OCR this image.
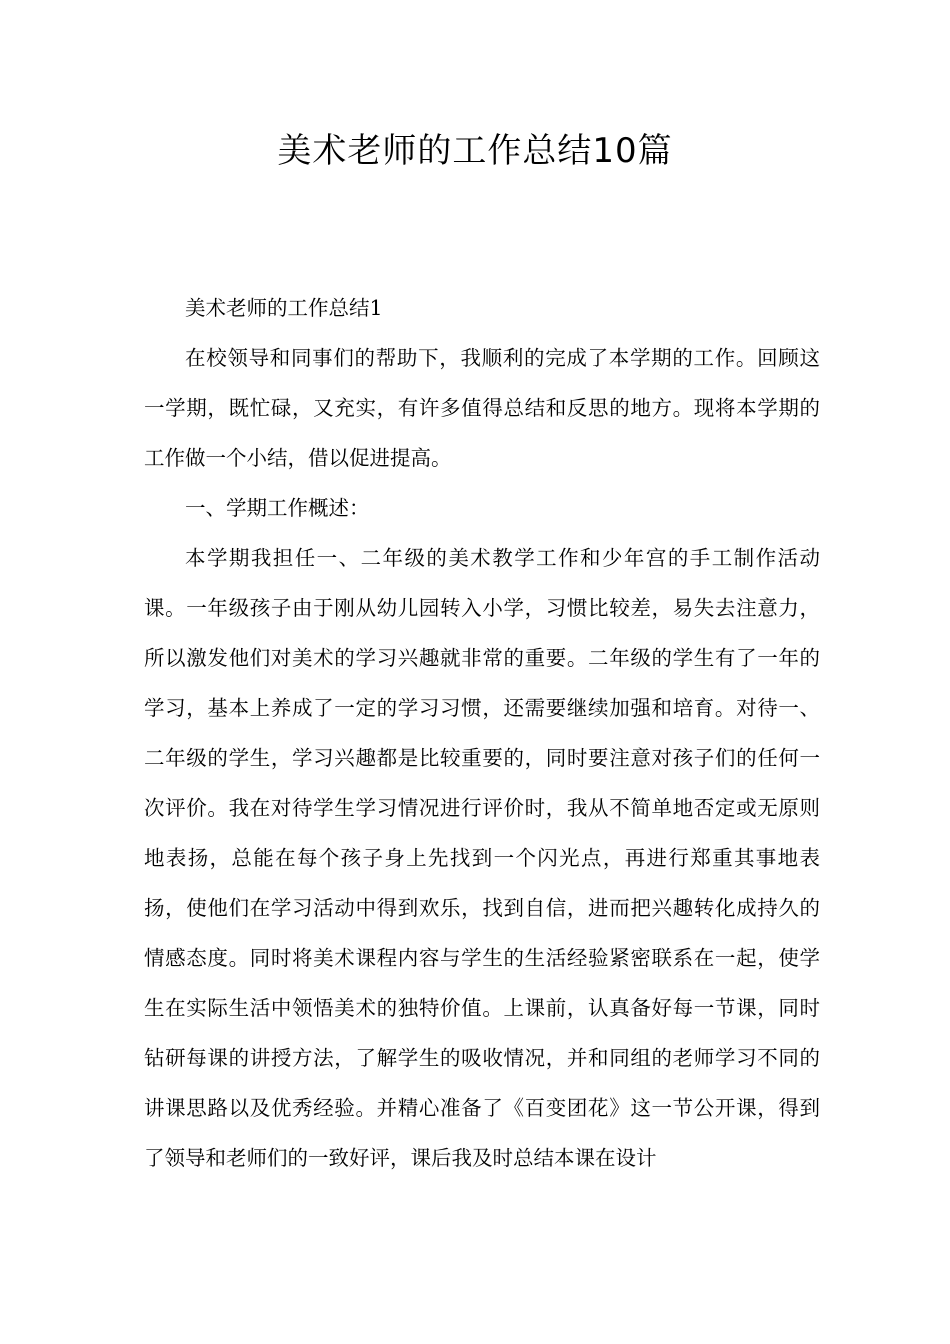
美术老师的工作总结10篇

美术老师的工作总结1

在校领导和同事们的帮助下，我顺利的完成了本学期的工作。回顾这一学期，既忙碌，又充实，有许多值得总结和反思的地方。现将本学期的工作做一个小结，借以促进提高。

一、学期工作概述：

本学期我担任一、二年级的美术教学工作和少年宫的手工制作活动课。一年级孩子由于刚从幼儿园转入小学，习惯比较差，易失去注意力，所以激发他们对美术的学习兴趣就非常的重要。二年级的学生有了一年的学习，基本上养成了一定的学习习惯，还需要继续加强和培育。对待一、二年级的学生，学习兴趣都是比较重要的，同时要注意对孩子们的任何一次评价。我在对待学生学习情况进行评价时，我从不简单地否定或无原则地表扬，总能在每个孩子身上先找到一个闪光点，再进行郑重其事地表扬，使他们在学习活动中得到欢乐，找到自信，进而把兴趣转化成持久的情感态度。同时将美术课程内容与学生的生活经验紧密联系在一起，使学生在实际生活中领悟美术的独特价值。上课前，认真备好每一节课，同时钻研每课的讲授方法，了解学生的吸收情况，并和同组的老师学习不同的讲课思路以及优秀经验。并精心准备了《百变团花》这一节公开课，得到了领导和老师们的一致好评，课后我及时总结本课在设计
